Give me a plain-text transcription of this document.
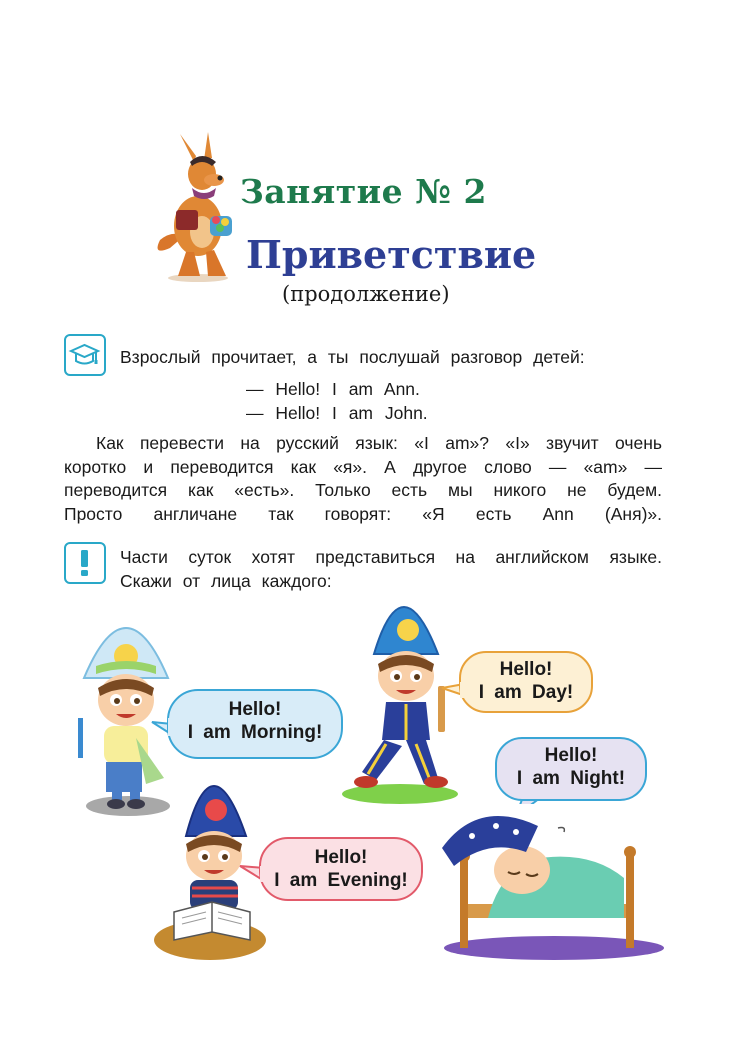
Занятие № 2
Приветствие
(продолжение)
Взрослый прочитает, а ты послушай разговор детей:
— Hello! I am Ann.
— Hello! I am John.
Как перевести на русский язык: «I am»? «I» звучит очень
коротко и переводится как «я». А другое слово — «am» —
переводится как «есть». Только есть мы никого не будем.
Просто англичане так говорят: «Я есть Ann (Аня)».
Части суток хотят представиться на английском языке.
Скажи от лица каждого:
Hello!
I am Morning!
Hello!
I am Day!
Hello!
I am Night!
Hello!
I am Evening!
